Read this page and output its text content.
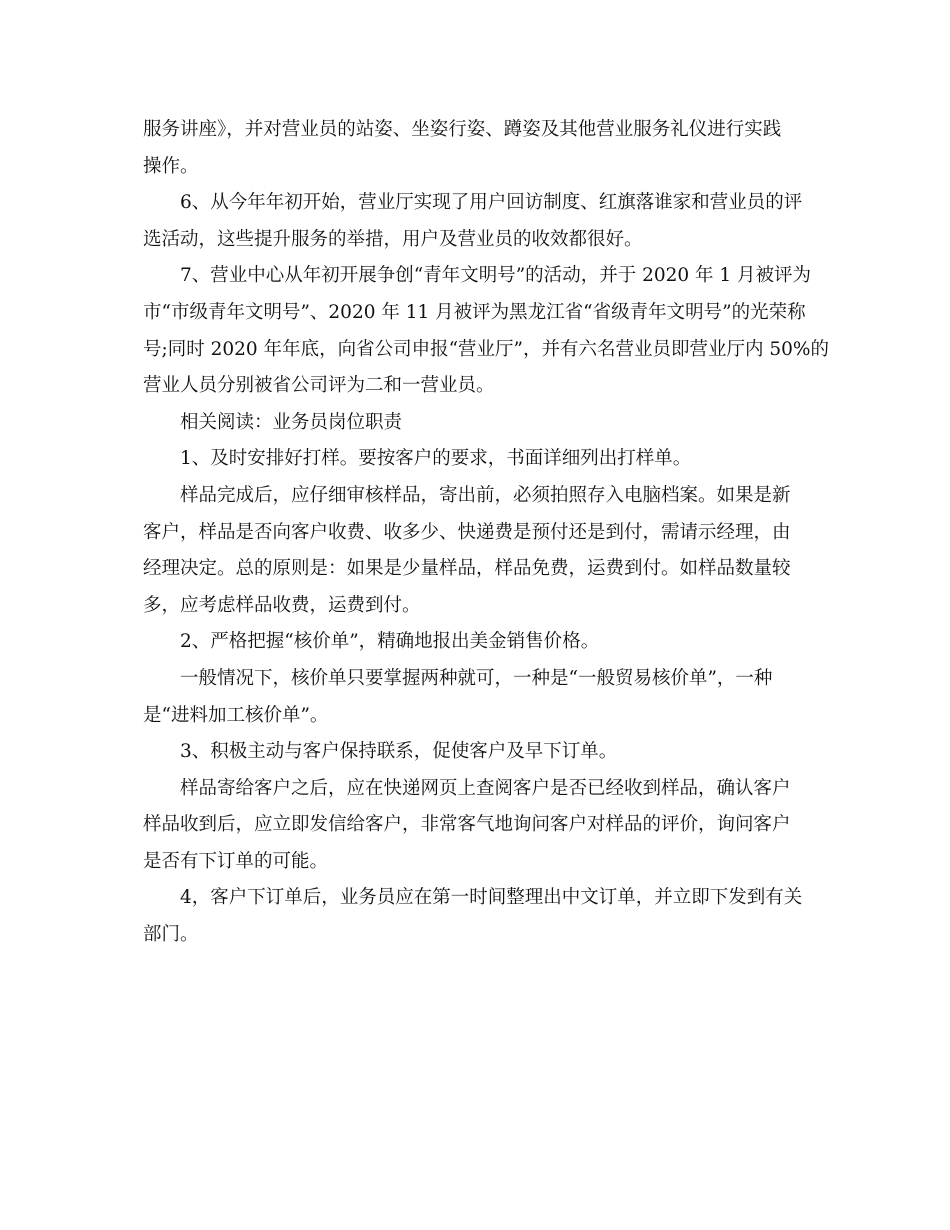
服务讲座》，并对营业员的站姿、坐姿行姿、蹲姿及其他营业服务礼仪进行实践
操作。
6、从今年年初开始，营业厅实现了用户回访制度、红旗落谁家和营业员的评
选活动，这些提升服务的举措，用户及营业员的收效都很好。
7、营业中心从年初开展争创“青年文明号”的活动，并于 2020 年 1 月被评为
市“市级青年文明号”、2020 年 11 月被评为黑龙江省“省级青年文明号”的光荣称
号;同时 2020 年年底，向省公司申报“营业厅”，并有六名营业员即营业厅内 50%的
营业人员分别被省公司评为二和一营业员。
相关阅读：业务员岗位职责
1、及时安排好打样。要按客户的要求，书面详细列出打样单。
样品完成后，应仔细审核样品，寄出前，必须拍照存入电脑档案。如果是新
客户，样品是否向客户收费、收多少、快递费是预付还是到付，需请示经理，由
经理决定。总的原则是：如果是少量样品，样品免费，运费到付。如样品数量较
多，应考虑样品收费，运费到付。
2、严格把握“核价单”，精确地报出美金销售价格。
一般情况下，核价单只要掌握两种就可，一种是“一般贸易核价单”，一种
是“进料加工核价单”。
3、积极主动与客户保持联系，促使客户及早下订单。
样品寄给客户之后，应在快递网页上查阅客户是否已经收到样品，确认客户
样品收到后，应立即发信给客户，非常客气地询问客户对样品的评价，询问客户
是否有下订单的可能。
4，客户下订单后，业务员应在第一时间整理出中文订单，并立即下发到有关
部门。
